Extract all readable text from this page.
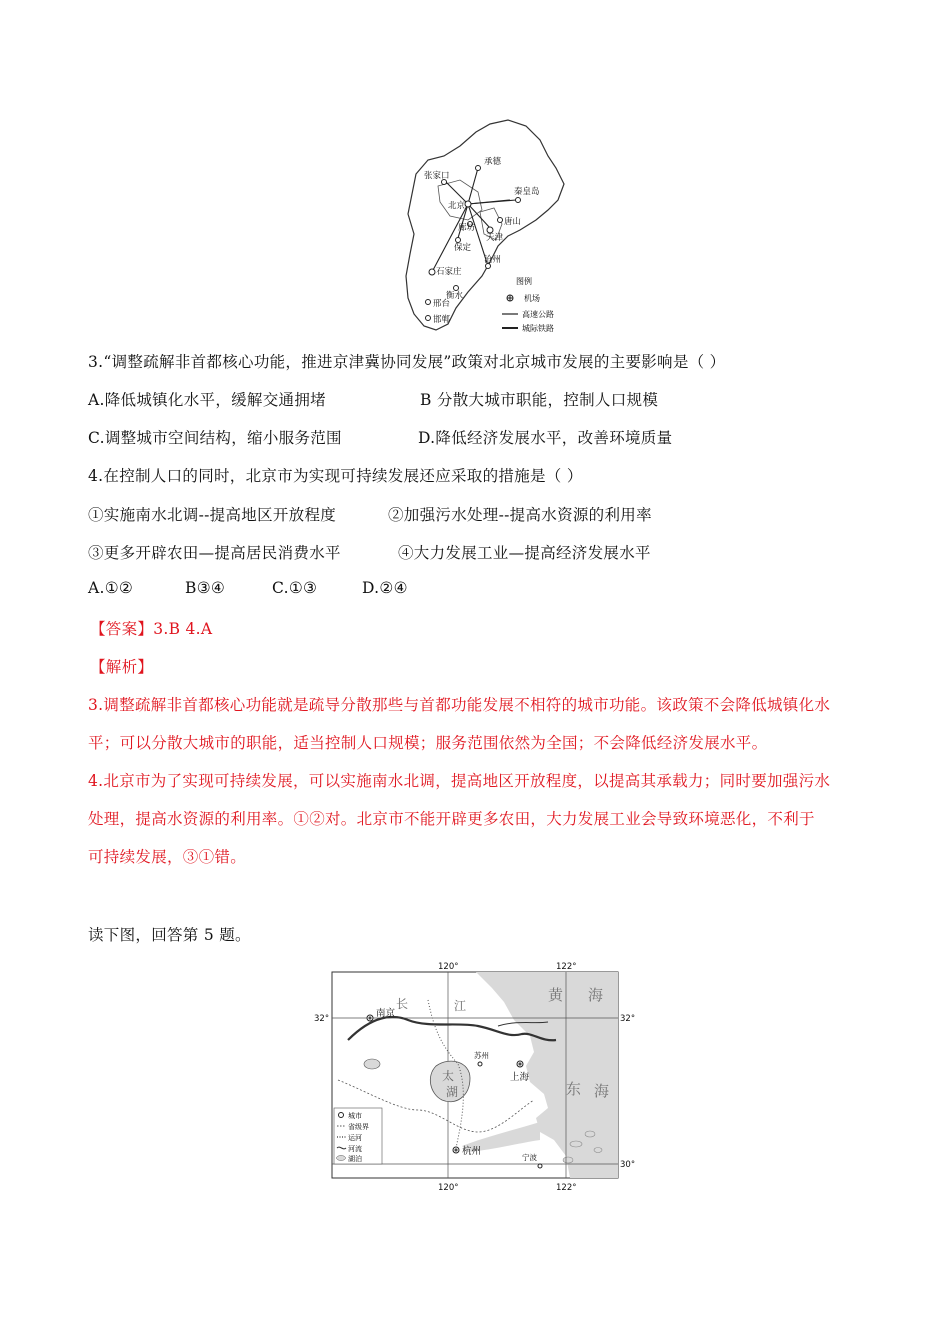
承德
张家口
北京
秦皇岛
唐山
廊坊
天津
保定
沧州
石家庄
衡水
邢台
邯郸
图例
机场
高速公路
城际铁路
3.“调整疏解非首都核心功能，推进京津冀协同发展”政策对北京城市发展的主要影响是（ ）
A.降低城镇化水平，缓解交通拥堵	B 分散大城市职能，控制人口规模
C.调整城市空间结构，缩小服务范围	D.降低经济发展水平，改善环境质量
4.在控制人口的同时，北京市为实现可持续发展还应采取的措施是（ ）
①实施南水北调--提高地区开放程度	②加强污水处理--提高水资源的利用率
③更多开辟农田—提高居民消费水平	④大力发展工业—提高经济发展水平
A.①②	B③④	C.①③	D.②④
【答案】3.B 4.A
【解析】
3.调整疏解非首都核心功能就是疏导分散那些与首都功能发展不相符的城市功能。该政策不会降低城镇化水
平；可以分散大城市的职能，适当控制人口规模；服务范围依然为全国；不会降低经济发展水平。
4.北京市为了实现可持续发展，可以实施南水北调，提高地区开放程度，以提高其承载力；同时要加强污水
处理，提高水资源的利用率。①②对。北京市不能开辟更多农田，大力发展工业会导致环境恶化，不利于
可持续发展，③①错。
读下图，回答第 5 题。
120°	122°
120°	122°
32°	32°
30°
黄 海
东 海
长	江
太
湖
南京
苏州
上海
杭州
宁波
城市
省级界
运河
河流
湖泊
